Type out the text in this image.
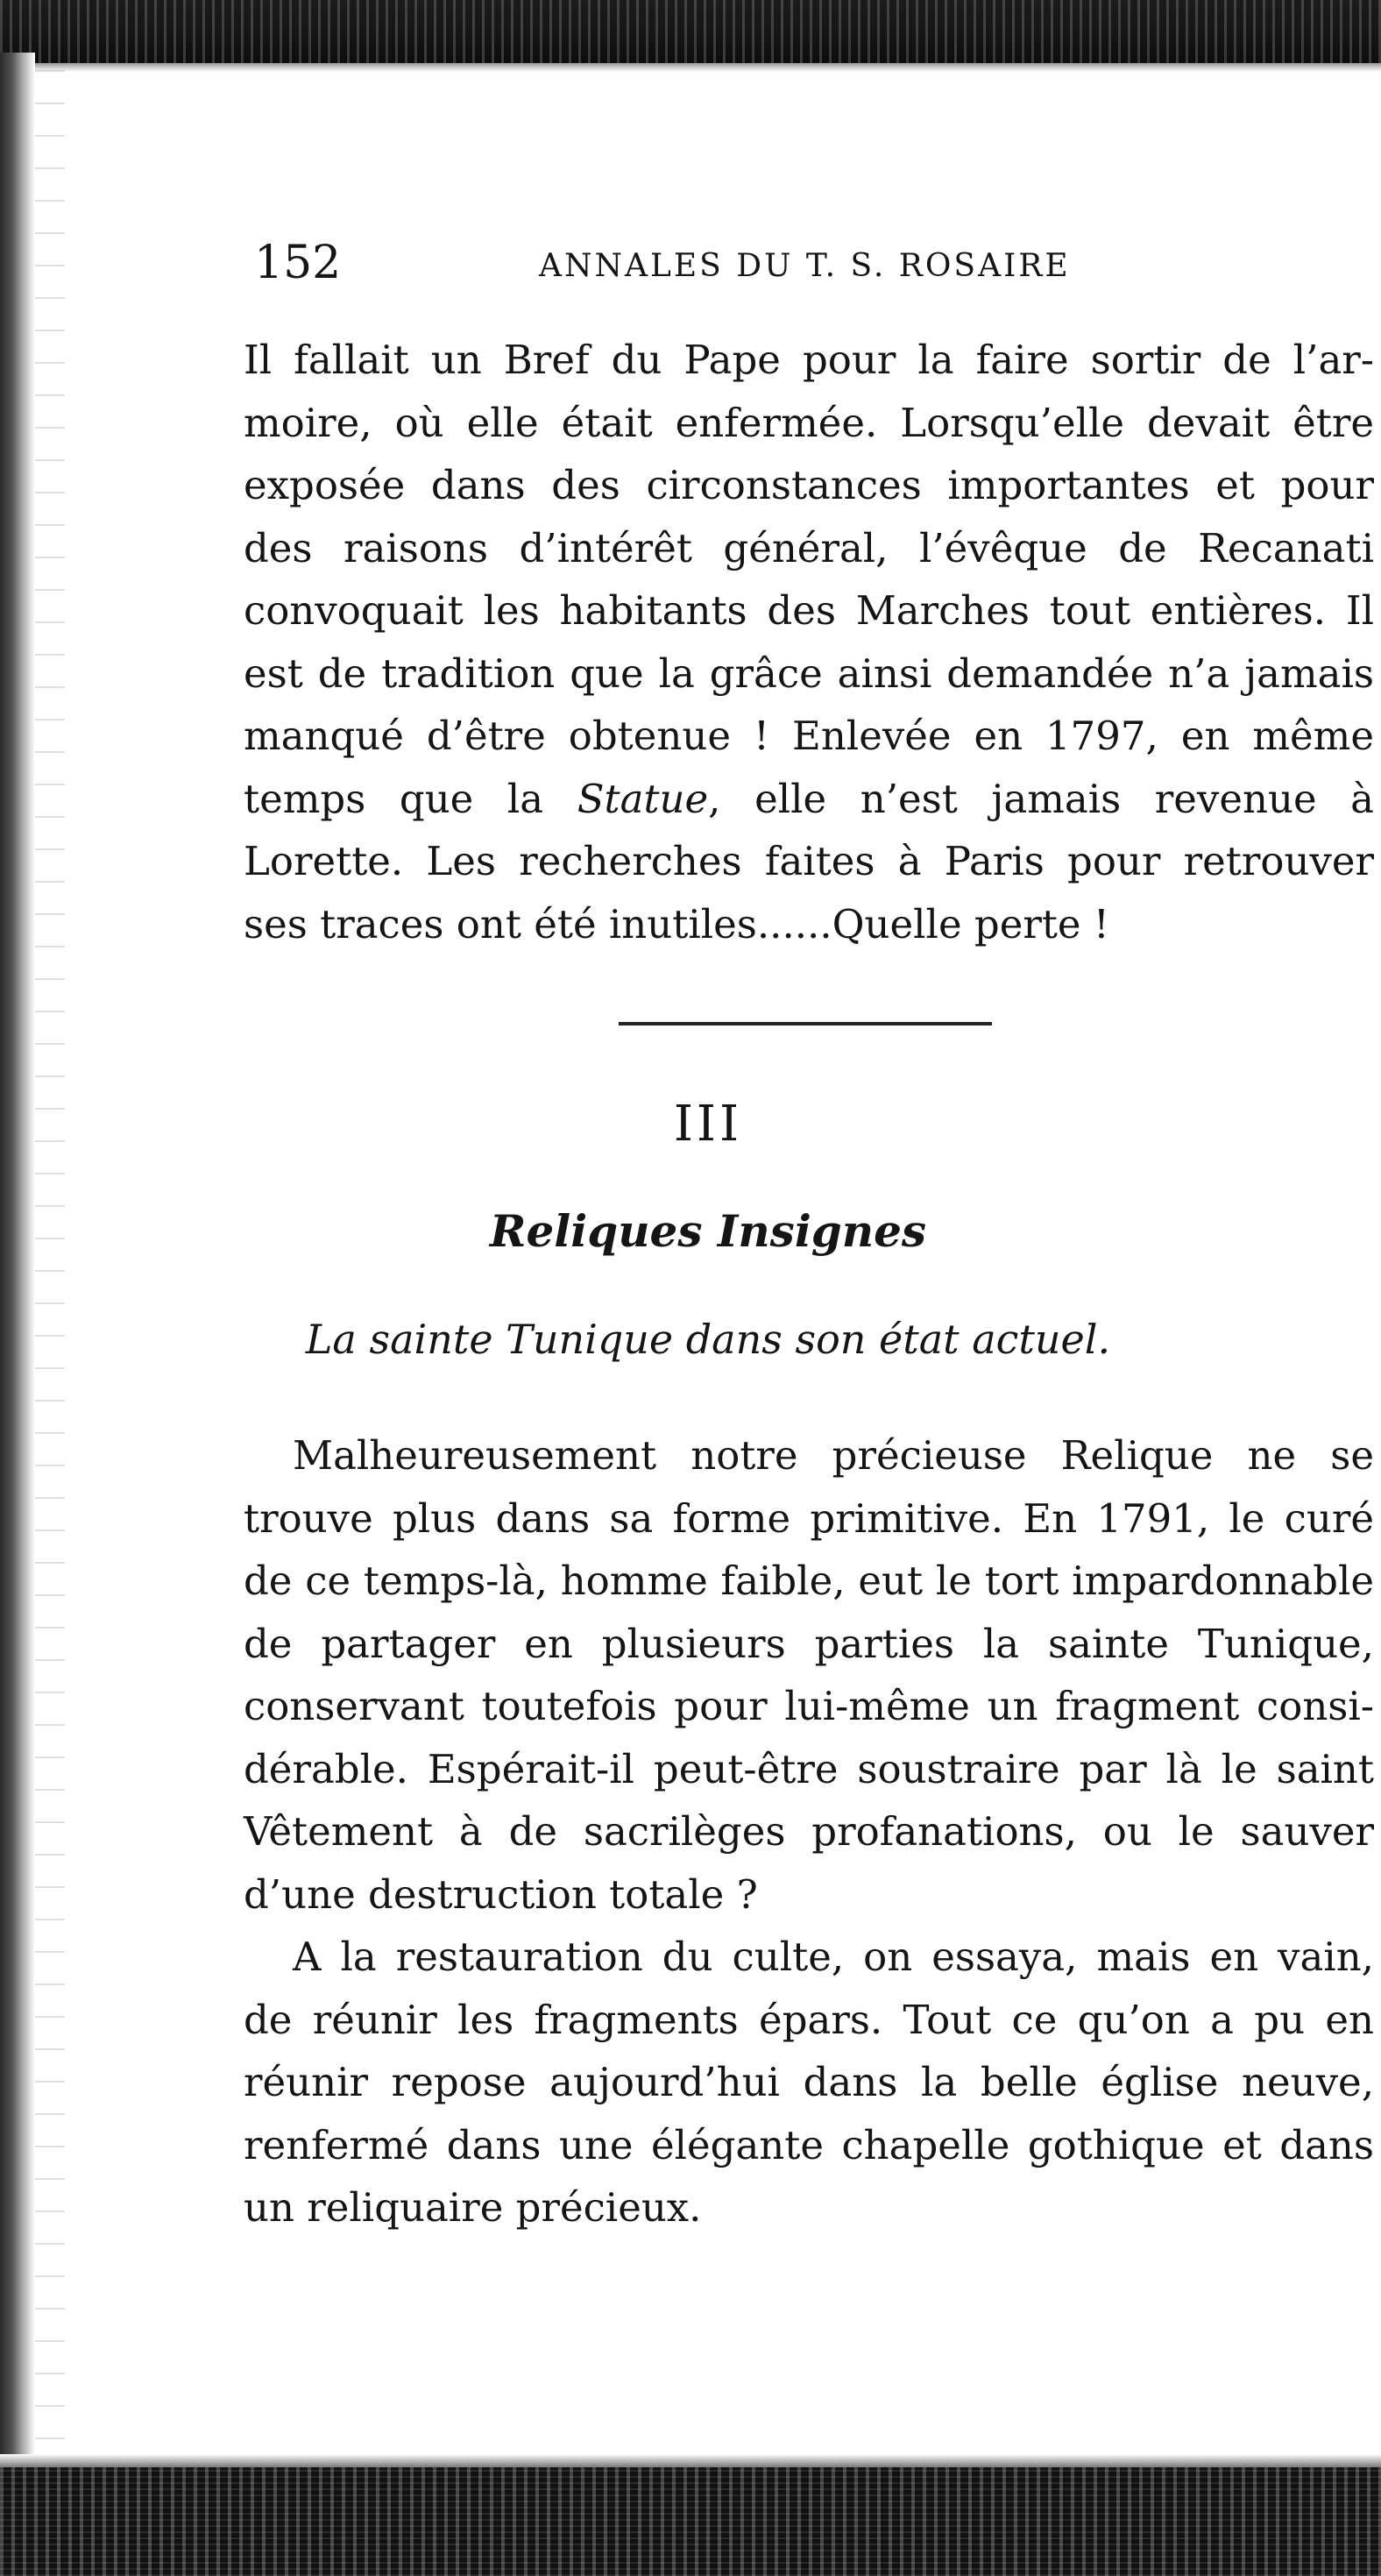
152	ANNALES DU T. S. ROSAIRE
Il fallait un Bref du Pape pour la faire sortir de l’ar-
moire, où elle était enfermée. Lorsqu’elle devait être
exposée dans des circonstances importantes et pour
des raisons d’intérêt général, l’évêque de Recanati
convoquait les habitants des Marches tout entières. Il
est de tradition que la grâce ainsi demandée n’a jamais
manqué d’être obtenue ! Enlevée en 1797, en même
temps que la Statue, elle n’est jamais revenue à
Lorette. Les recherches faites à Paris pour retrouver
ses traces ont été inutiles......Quelle perte !
III
Reliques Insignes
La sainte Tunique dans son état actuel.
Malheureusement notre précieuse Relique ne se
trouve plus dans sa forme primitive. En 1791, le curé
de ce temps-là, homme faible, eut le tort impardonnable
de partager en plusieurs parties la sainte Tunique,
conservant toutefois pour lui-même un fragment consi-
dérable. Espérait-il peut-être soustraire par là le saint
Vêtement à de sacrilèges profanations, ou le sauver
d’une destruction totale ?
A la restauration du culte, on essaya, mais en vain,
de réunir les fragments épars. Tout ce qu’on a pu en
réunir repose aujourd’hui dans la belle église neuve,
renfermé dans une élégante chapelle gothique et dans
un reliquaire précieux.
